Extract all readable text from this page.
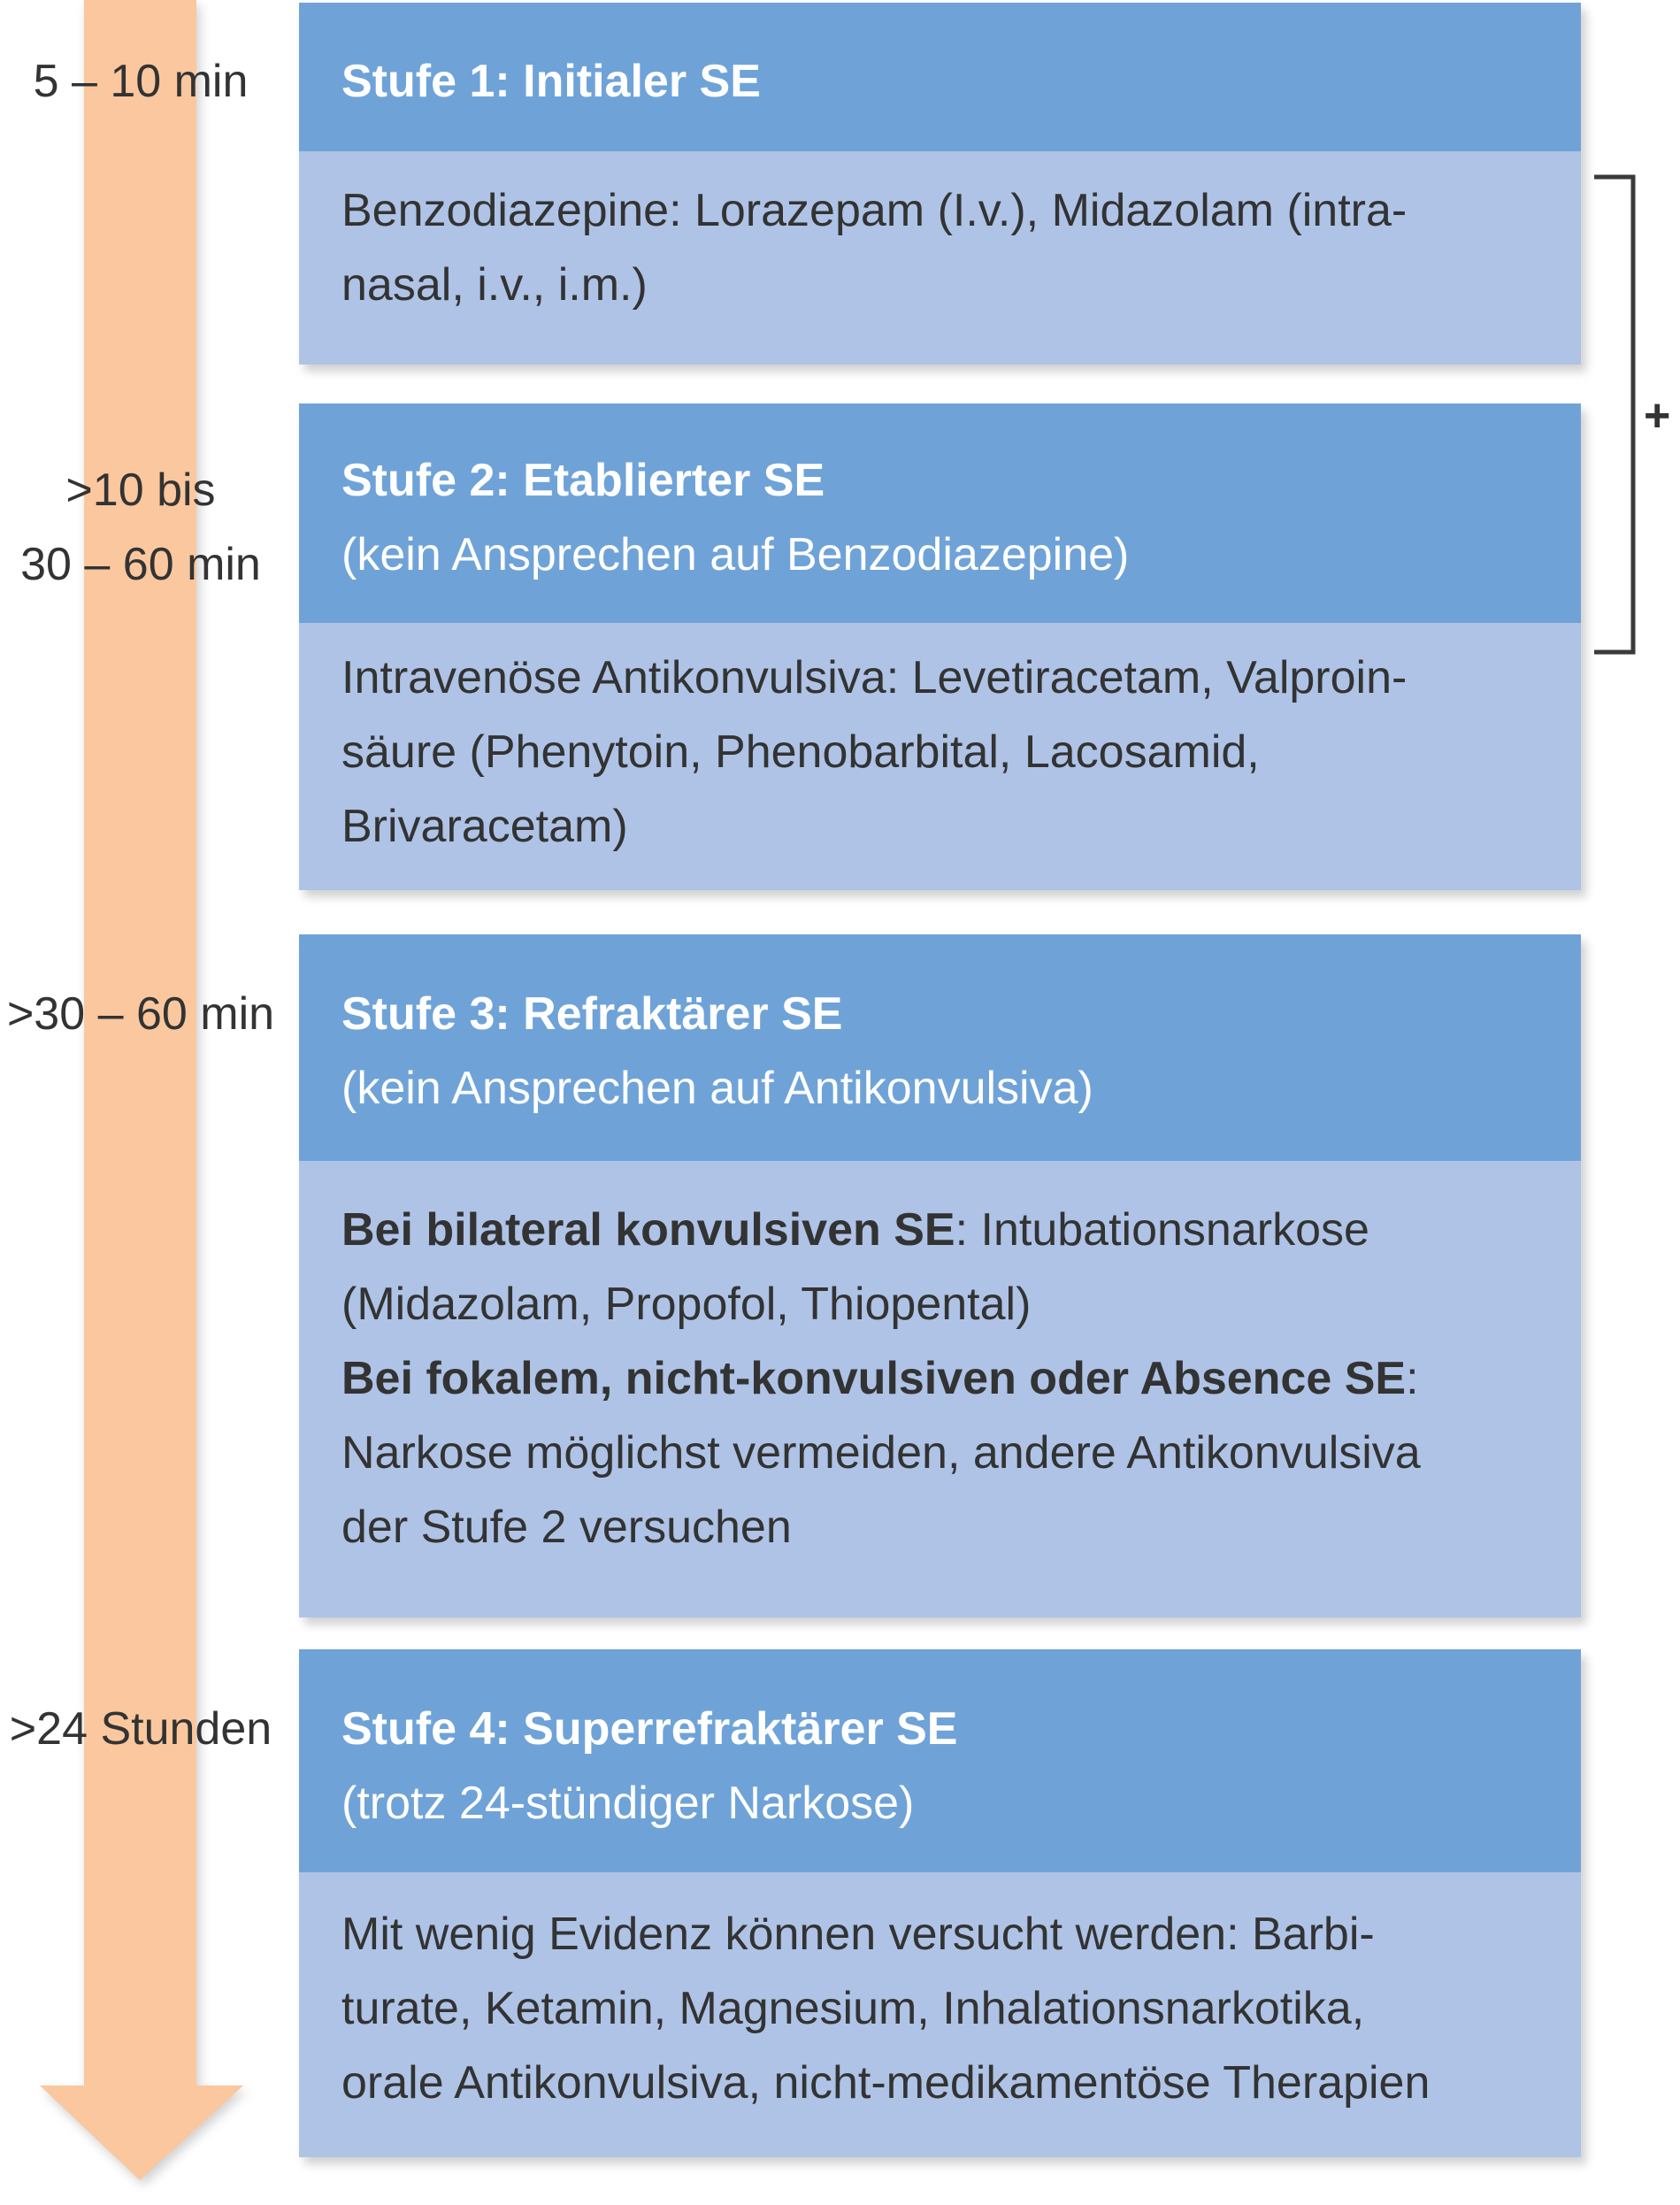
5 – 10 min
>10 bis
30 – 60 min
>30 – 60 min
>24 Stunden
Stufe 1: Initialer SE
Benzodiazepine: Lorazepam (I.v.), Midazolam (intra-
nasal, i.v., i.m.)
Stufe 2: Etablierter SE
(kein Ansprechen auf Benzodiazepine)
Intravenöse Antikonvulsiva: Levetiracetam, Valproin-
säure (Phenytoin, Phenobarbital, Lacosamid,
Brivaracetam)
Stufe 3: Refraktärer SE
(kein Ansprechen auf Antikonvulsiva)
Bei bilateral konvulsiven SE: Intubationsnarkose
(Midazolam, Propofol, Thiopental)
Bei fokalem, nicht-konvulsiven oder Absence SE:
Narkose möglichst vermeiden, andere Antikonvulsiva
der Stufe 2 versuchen
Stufe 4: Superrefraktärer SE
(trotz 24-stündiger Narkose)
Mit wenig Evidenz können versucht werden: Barbi-
turate, Ketamin, Magnesium, Inhalationsnarkotika,
orale Antikonvulsiva, nicht-medikamentöse Therapien
+
